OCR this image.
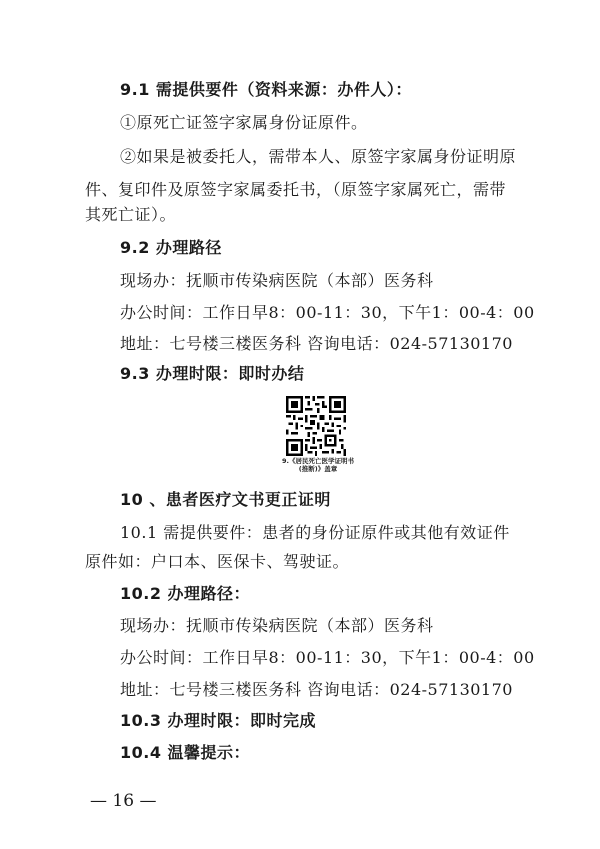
9.1 需提供要件（资料来源：办件人）：
①原死亡证签字家属身份证原件。
②如果是被委托人，需带本人、原签字家属身份证明原
件、复印件及原签字家属委托书，（原签字家属死亡，需带
其死亡证）。
9.2 办理路径
现场办：抚顺市传染病医院（本部）医务科
办公时间：工作日早8：00-11：30，下午1：00-4：00
地址：七号楼三楼医务科 咨询电话：024-57130170
9.3 办理时限：即时办结
9.《居民死亡医学证明书
(推断)》盖章
10 、患者医疗文书更正证明
10.1 需提供要件：患者的身份证原件或其他有效证件
原件如：户口本、医保卡、驾驶证。
10.2 办理路径：
现场办：抚顺市传染病医院（本部）医务科
办公时间：工作日早8：00-11：30，下午1：00-4：00
地址：七号楼三楼医务科 咨询电话：024-57130170
10.3 办理时限：即时完成
10.4 温馨提示：
— 16 —
